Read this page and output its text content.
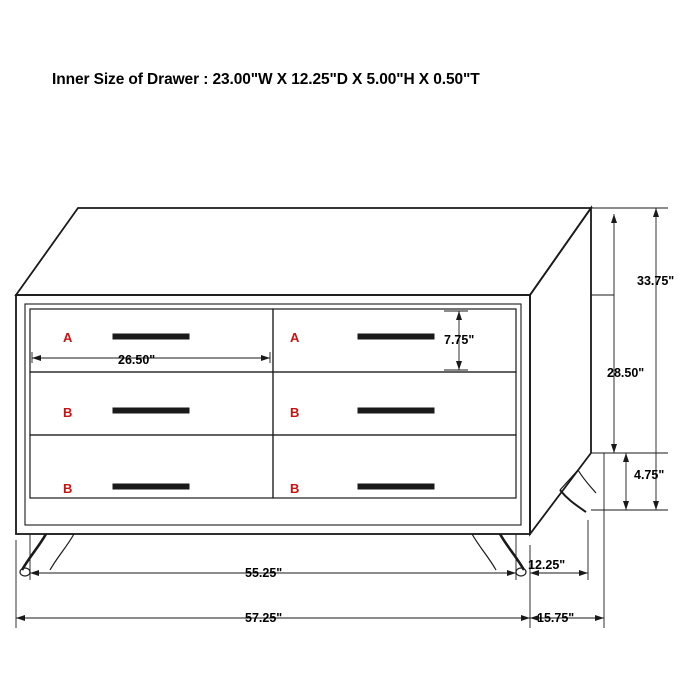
Inner Size of Drawer : 23.00"W X 12.25"D X 5.00"H X 0.50"T
A	A
B	B
B	B
26.50"
7.75"
33.75"
28.50"
4.75"
55.25"
57.25"
12.25"
15.75"
